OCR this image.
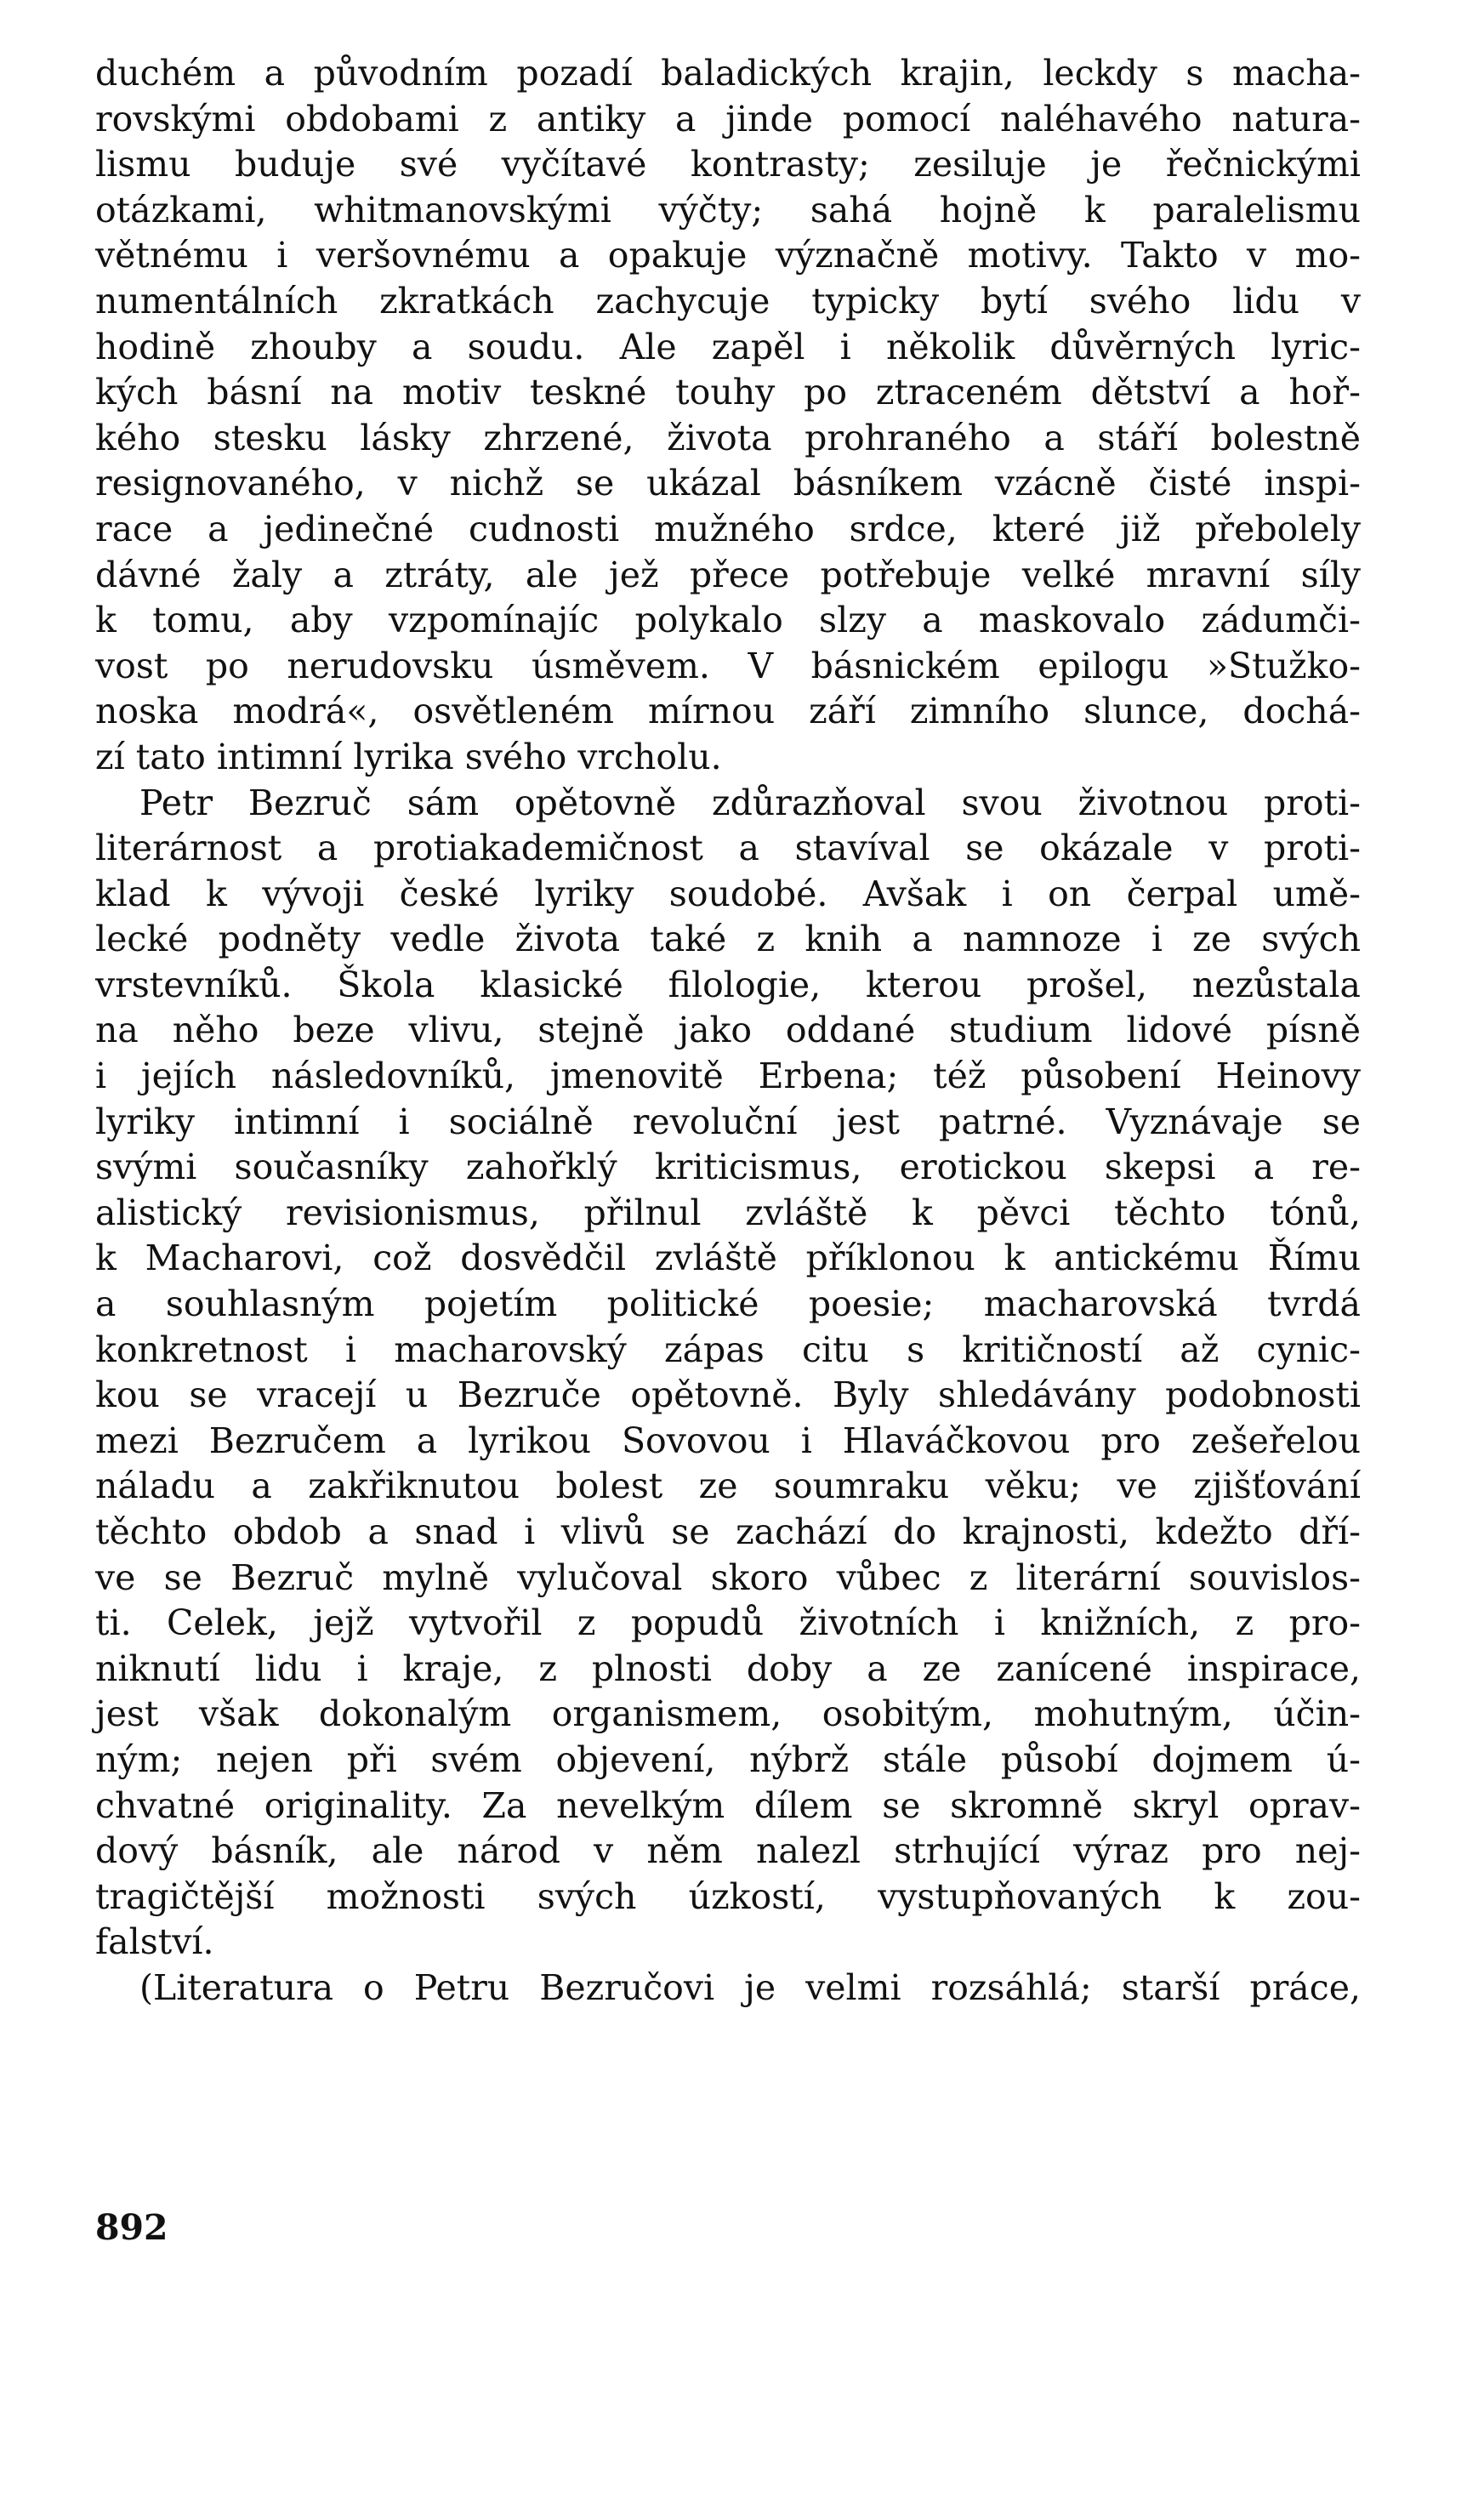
duchém a původním pozadí baladických krajin, leckdy s macha-
rovskými obdobami z antiky a jinde pomocí naléhavého natura-
lismu buduje své vyčítavé kontrasty; zesiluje je řečnickými
otázkami, whitmanovskými výčty; sahá hojně k paralelismu
větnému i veršovnému a opakuje význačně motivy. Takto v mo-
numentálních zkratkách zachycuje typicky bytí svého lidu v
hodině zhouby a soudu. Ale zapěl i několik důvěrných lyric-
kých básní na motiv teskné touhy po ztraceném dětství a hoř-
kého stesku lásky zhrzené, života prohraného a stáří bolestně
resignovaného, v nichž se ukázal básníkem vzácně čisté inspi-
race a jedinečné cudnosti mužného srdce, které již přebolely
dávné žaly a ztráty, ale jež přece potřebuje velké mravní síly
k tomu, aby vzpomínajíc polykalo slzy a maskovalo zádumči-
vost po nerudovsku úsměvem. V básnickém epilogu »Stužko-
noska modrá«, osvětleném mírnou září zimního slunce, dochá-
zí tato intimní lyrika svého vrcholu.
Petr Bezruč sám opětovně zdůrazňoval svou životnou proti-
literárnost a protiakademičnost a stavíval se okázale v proti-
klad k vývoji české lyriky soudobé. Avšak i on čerpal umě-
lecké podněty vedle života také z knih a namnoze i ze svých
vrstevníků. Škola klasické filologie, kterou prošel, nezůstala
na něho beze vlivu, stejně jako oddané studium lidové písně
i jejích následovníků, jmenovitě Erbena; též působení Heinovy
lyriky intimní i sociálně revoluční jest patrné. Vyznávaje se
svými současníky zahořklý kriticismus, erotickou skepsi a re-
alistický revisionismus, přilnul zvláště k pěvci těchto tónů,
k Macharovi, což dosvědčil zvláště příklonou k antickému Římu
a souhlasným pojetím politické poesie; macharovská tvrdá
konkretnost i macharovský zápas citu s kritičností až cynic-
kou se vracejí u Bezruče opětovně. Byly shledávány podobnosti
mezi Bezručem a lyrikou Sovovou i Hlaváčkovou pro zešeřelou
náladu a zakřiknutou bolest ze soumraku věku; ve zjišťování
těchto obdob a snad i vlivů se zachází do krajnosti, kdežto dří-
ve se Bezruč mylně vylučoval skoro vůbec z literární souvislos-
ti. Celek, jejž vytvořil z popudů životních i knižních, z pro-
niknutí lidu i kraje, z plnosti doby a ze zanícené inspirace,
jest však dokonalým organismem, osobitým, mohutným, účin-
ným; nejen při svém objevení, nýbrž stále působí dojmem ú-
chvatné originality. Za nevelkým dílem se skromně skryl oprav-
dový básník, ale národ v něm nalezl strhující výraz pro nej-
tragičtější možnosti svých úzkostí, vystupňovaných k zou-
falství.
(Literatura o Petru Bezručovi je velmi rozsáhlá; starší práce,
892
